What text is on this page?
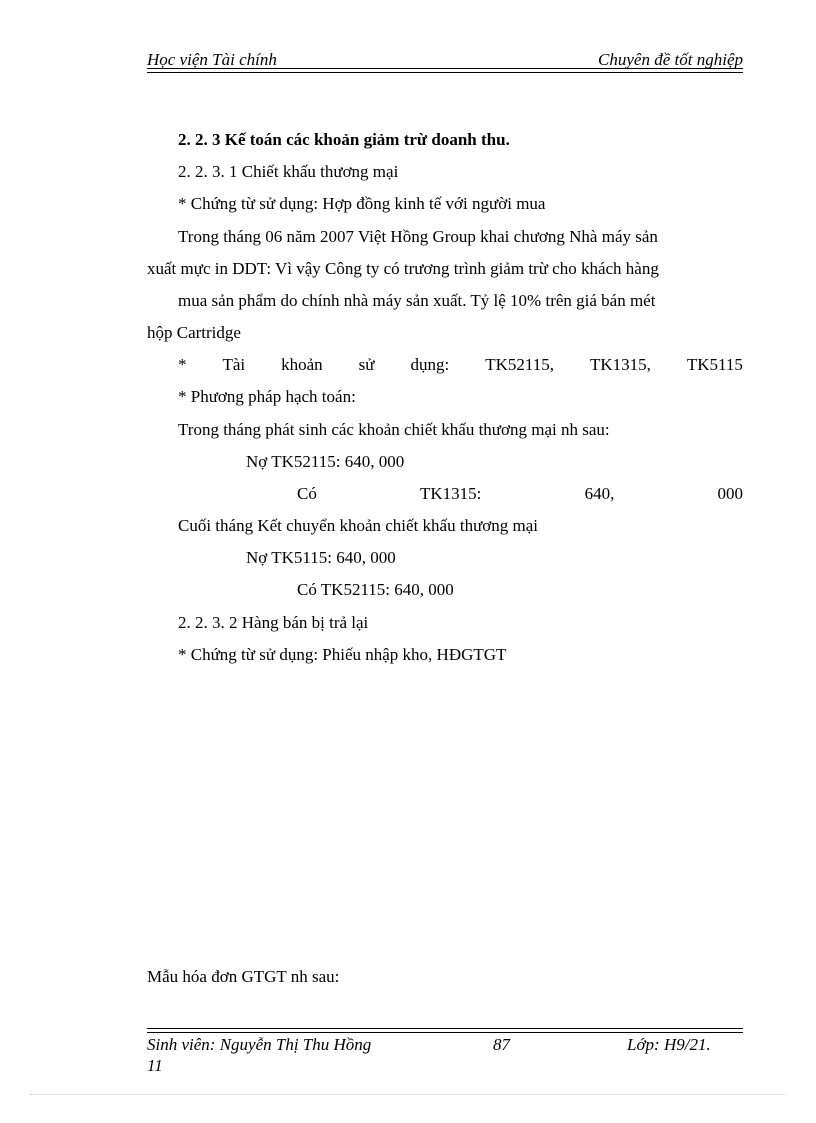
Học viện Tài chính	Chuyên đề tốt nghiệp
2. 2. 3 Kế toán các khoản giảm trừ doanh thu.
2. 2. 3. 1 Chiết khấu thương mại
* Chứng từ sử dụng: Hợp đồng kinh tế với người mua
Trong tháng 06 năm 2007 Việt Hồng Group khai chương Nhà máy sản
xuất mực in DDT: Vì vậy Công ty có trương trình giảm trừ cho khách hàng
mua sản phẩm do chính nhà máy sản xuất. Tỷ lệ 10% trên giá bán mét
hộp Cartridge
* Tài khoản sử dụng: TK52115, TK1315, TK5115
* Phương pháp hạch toán:
Trong tháng phát sinh các khoản chiết khấu thương mại nh sau:
Nợ TK52115: 640, 000
Có	TK1315:	640,	000
Cuối tháng Kết chuyển khoản chiết khấu thương mại
Nợ TK5115: 640, 000
Có TK52115: 640, 000
2. 2. 3. 2 Hàng bán bị trả lại
* Chứng từ sử dụng: Phiếu nhập kho, HĐGTGT
Mẫu hóa đơn GTGT nh sau:
Sinh viên: Nguyễn Thị Thu Hồng	87	Lớp: H9/21.
11
